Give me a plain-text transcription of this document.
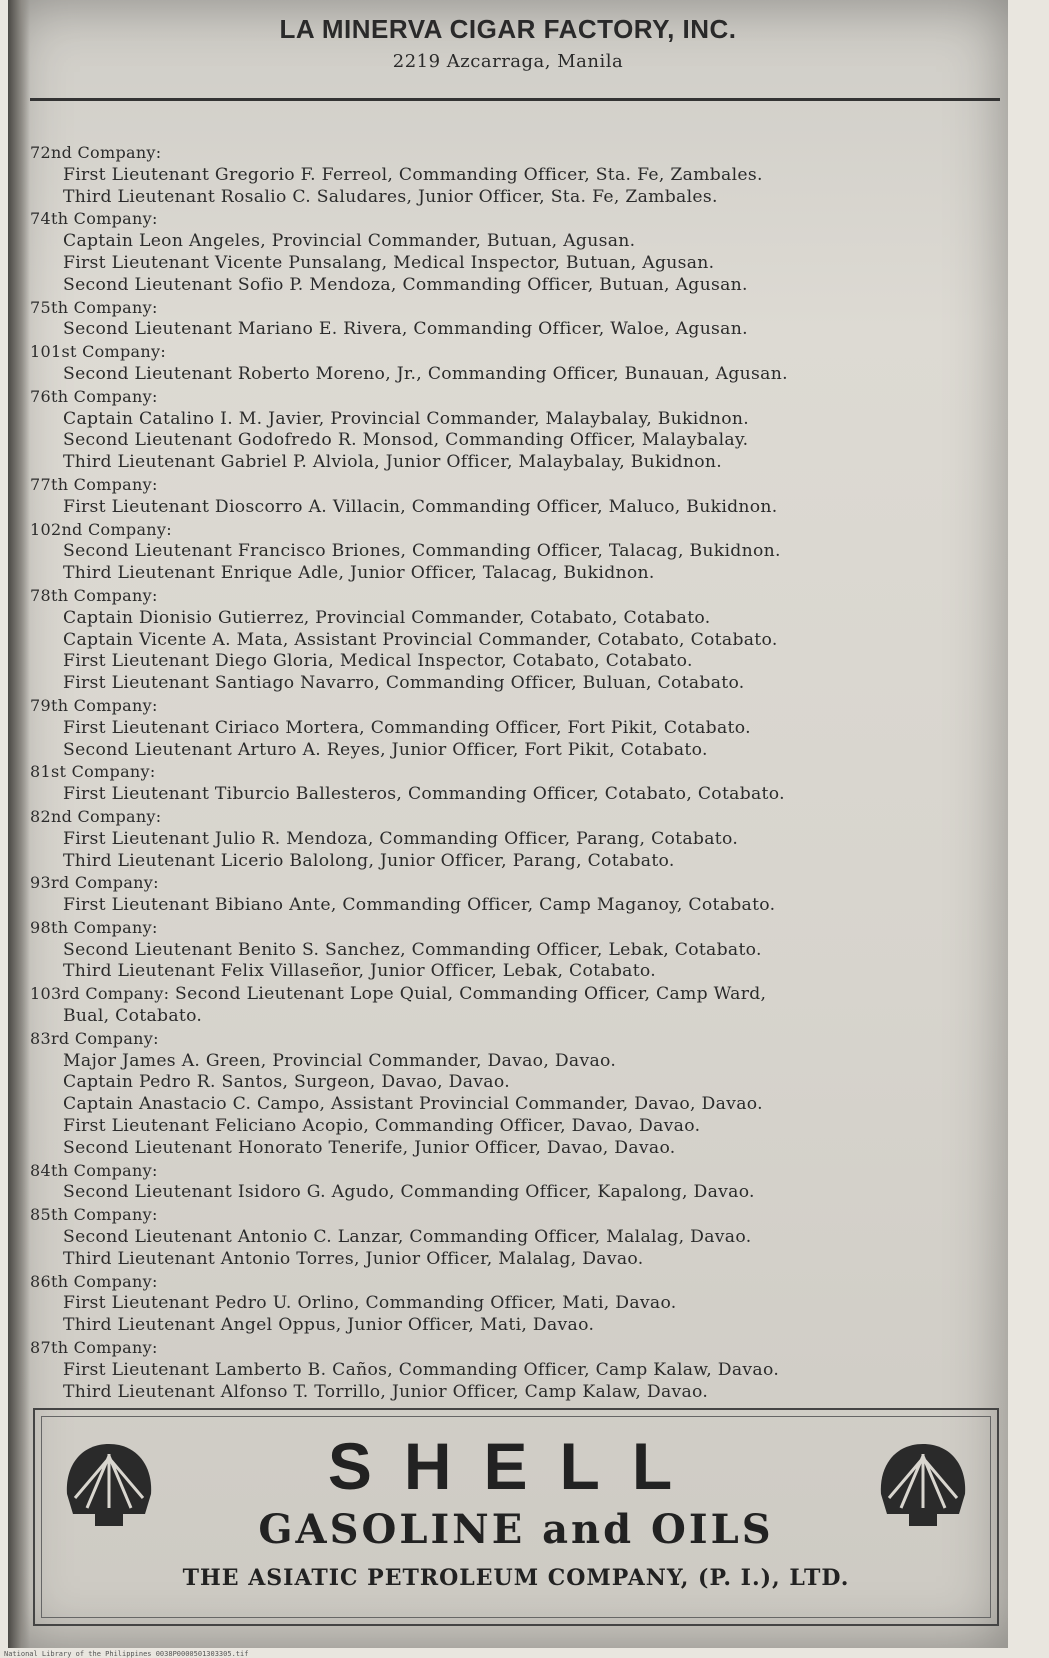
LA MINERVA CIGAR FACTORY, INC.
2219 Azcarraga, Manila
72nd Company:
First Lieutenant Gregorio F. Ferreol, Commanding Officer, Sta. Fe, Zambales.
Third Lieutenant Rosalio C. Saludares, Junior Officer, Sta. Fe, Zambales.
74th Company:
Captain Leon Angeles, Provincial Commander, Butuan, Agusan.
First Lieutenant Vicente Punsalang, Medical Inspector, Butuan, Agusan.
Second Lieutenant Sofio P. Mendoza, Commanding Officer, Butuan, Agusan.
75th Company:
Second Lieutenant Mariano E. Rivera, Commanding Officer, Waloe, Agusan.
101st Company:
Second Lieutenant Roberto Moreno, Jr., Commanding Officer, Bunauan, Agusan.
76th Company:
Captain Catalino I. M. Javier, Provincial Commander, Malaybalay, Bukidnon.
Second Lieutenant Godofredo R. Monsod, Commanding Officer, Malaybalay.
Third Lieutenant Gabriel P. Alviola, Junior Officer, Malaybalay, Bukidnon.
77th Company:
First Lieutenant Dioscorro A. Villacin, Commanding Officer, Maluco, Bukidnon.
102nd Company:
Second Lieutenant Francisco Briones, Commanding Officer, Talacag, Bukidnon.
Third Lieutenant Enrique Adle, Junior Officer, Talacag, Bukidnon.
78th Company:
Captain Dionisio Gutierrez, Provincial Commander, Cotabato, Cotabato.
Captain Vicente A. Mata, Assistant Provincial Commander, Cotabato, Cotabato.
First Lieutenant Diego Gloria, Medical Inspector, Cotabato, Cotabato.
First Lieutenant Santiago Navarro, Commanding Officer, Buluan, Cotabato.
79th Company:
First Lieutenant Ciriaco Mortera, Commanding Officer, Fort Pikit, Cotabato.
Second Lieutenant Arturo A. Reyes, Junior Officer, Fort Pikit, Cotabato.
81st Company:
First Lieutenant Tiburcio Ballesteros, Commanding Officer, Cotabato, Cotabato.
82nd Company:
First Lieutenant Julio R. Mendoza, Commanding Officer, Parang, Cotabato.
Third Lieutenant Licerio Balolong, Junior Officer, Parang, Cotabato.
93rd Company:
First Lieutenant Bibiano Ante, Commanding Officer, Camp Maganoy, Cotabato.
98th Company:
Second Lieutenant Benito S. Sanchez, Commanding Officer, Lebak, Cotabato.
Third Lieutenant Felix Villaseñor, Junior Officer, Lebak, Cotabato.
103rd Company: Second Lieutenant Lope Quial, Commanding Officer, Camp Ward,
Bual, Cotabato.
83rd Company:
Major James A. Green, Provincial Commander, Davao, Davao.
Captain Pedro R. Santos, Surgeon, Davao, Davao.
Captain Anastacio C. Campo, Assistant Provincial Commander, Davao, Davao.
First Lieutenant Feliciano Acopio, Commanding Officer, Davao, Davao.
Second Lieutenant Honorato Tenerife, Junior Officer, Davao, Davao.
84th Company:
Second Lieutenant Isidoro G. Agudo, Commanding Officer, Kapalong, Davao.
85th Company:
Second Lieutenant Antonio C. Lanzar, Commanding Officer, Malalag, Davao.
Third Lieutenant Antonio Torres, Junior Officer, Malalag, Davao.
86th Company:
First Lieutenant Pedro U. Orlino, Commanding Officer, Mati, Davao.
Third Lieutenant Angel Oppus, Junior Officer, Mati, Davao.
87th Company:
First Lieutenant Lamberto B. Caños, Commanding Officer, Camp Kalaw, Davao.
Third Lieutenant Alfonso T. Torrillo, Junior Officer, Camp Kalaw, Davao.
SHELL
GASOLINE and OILS
THE ASIATIC PETROLEUM COMPANY, (P. I.), LTD.
National Library of the Philippines 0038P0000501303305.tif
